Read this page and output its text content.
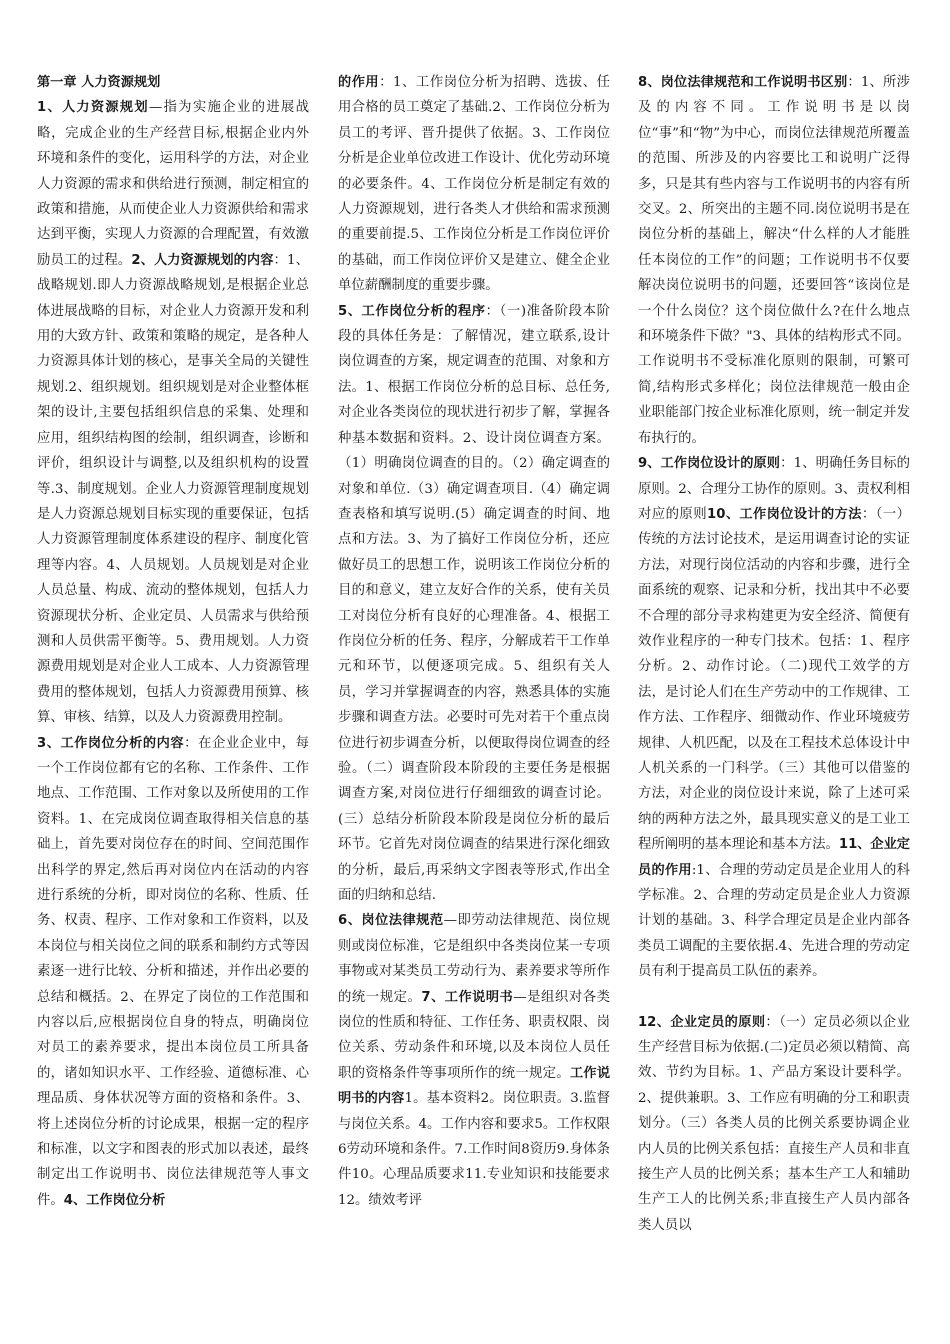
第一章 人力资源规划

1、人力资源规划—指为实施企业的进展战略，完成企业的生产经营目标,根据企业内外环境和条件的变化，运用科学的方法，对企业人力资源的需求和供给进行预测，制定相宜的政策和措施，从而使企业人力资源供给和需求达到平衡，实现人力资源的合理配置，有效激励员工的过程。2、人力资源规划的内容：1、战略规划.即人力资源战略规划,是根据企业总体进展战略的目标，对企业人力资源开发和利用的大致方针、政策和策略的规定，是各种人力资源具体计划的核心，是事关全局的关键性规划.2、组织规划。组织规划是对企业整体框架的设计,主要包括组织信息的采集、处理和应用，组织结构图的绘制，组织调查，诊断和评价，组织设计与调整,以及组织机构的设置等.3、制度规划。企业人力资源管理制度规划是人力资源总规划目标实现的重要保证，包括人力资源管理制度体系建设的程序、制度化管理等内容。4、人员规划。人员规划是对企业人员总量、构成、流动的整体规划，包括人力资源现状分析、企业定员、人员需求与供给预测和人员供需平衡等。5、费用规划。人力资源费用规划是对企业人工成本、人力资源管理费用的整体规划，包括人力资源费用预算、核算、审核、结算，以及人力资源费用控制。

3、工作岗位分析的内容：在企业企业中，每一个工作岗位都有它的名称、工作条件、工作地点、工作范围、工作对象以及所使用的工作资料。1、在完成岗位调查取得相关信息的基础上，首先要对岗位存在的时间、空间范围作出科学的界定,然后再对岗位内在活动的内容进行系统的分析，即对岗位的名称、性质、任务、权责、程序、工作对象和工作资料，以及本岗位与相关岗位之间的联系和制约方式等因素逐一进行比较、分析和描述，并作出必要的总结和概括。2、在界定了岗位的工作范围和内容以后,应根据岗位自身的特点，明确岗位对员工的素养要求，提出本岗位员工所具备的，诸如知识水平、工作经验、道德标准、心理品质、身体状况等方面的资格和条件。3、将上述岗位分析的讨论成果，根据一定的程序和标准，以文字和图表的形式加以表述，最终制定出工作说明书、岗位法律规范等人事文件。4、工作岗位分析

的作用：1、工作岗位分析为招聘、选拔、任用合格的员工奠定了基础.2、工作岗位分析为员工的考评、晋升提供了依据。3、工作岗位分析是企业单位改进工作设计、优化劳动环境的必要条件。4、工作岗位分析是制定有效的人力资源规划，进行各类人才供给和需求预测的重要前提.5、工作岗位分析是工作岗位评价的基础，而工作岗位评价又是建立、健全企业单位薪酬制度的重要步骤。

5、工作岗位分析的程序：（一)准备阶段本阶段的具体任务是：了解情况，建立联系,设计岗位调查的方案，规定调查的范围、对象和方法。1、根据工作岗位分析的总目标、总任务,对企业各类岗位的现状进行初步了解，掌握各种基本数据和资料。2、设计岗位调查方案。（1）明确岗位调查的目的。（2）确定调查的对象和单位.（3）确定调查项目.（4）确定调查表格和填写说明.(5）确定调查的时间、地点和方法。3、为了搞好工作岗位分析，还应做好员工的思想工作，说明该工作岗位分析的目的和意义，建立友好合作的关系，使有关员工对岗位分析有良好的心理准备。4、根据工作岗位分析的任务、程序，分解成若干工作单元和环节，以便逐项完成。5、组织有关人员，学习并掌握调查的内容，熟悉具体的实施步骤和调查方法。必要时可先对若干个重点岗位进行初步调查分析，以便取得岗位调查的经验。（二）调查阶段本阶段的主要任务是根据调查方案,对岗位进行仔细细致的调查讨论。(三）总结分析阶段本阶段是岗位分析的最后环节。它首先对岗位调查的结果进行深化细致的分析，最后,再采纳文字图表等形式,作出全面的归纳和总结.

6、岗位法律规范—即劳动法律规范、岗位规则或岗位标准，它是组织中各类岗位某一专项事物或对某类员工劳动行为、素养要求等所作的统一规定。7、工作说明书—是组织对各类岗位的性质和特征、工作任务、职责权限、岗位关系、劳动条件和环境,以及本岗位人员任职的资格条件等事项所作的统一规定。工作说明书的内容1。基本资料2。岗位职责。3.监督与岗位关系。4。工作内容和要求5。工作权限6劳动环境和条件。7.工作时间8资历9.身体条件10。心理品质要求11.专业知识和技能要求12。绩效考评

8、岗位法律规范和工作说明书区别：1、所涉及的内容不同。工作说明书是以岗位“事”和“物”为中心，而岗位法律规范所覆盖的范围、所涉及的内容要比工和说明广泛得多，只是其有些内容与工作说明书的内容有所交叉。2、所突出的主题不同.岗位说明书是在岗位分析的基础上，解决“什么样的人才能胜任本岗位的工作”的问题；工作说明书不仅要解决岗位说明书的问题，还要回答“该岗位是一个什么岗位？这个岗位做什么?在什么地点和环境条件下做？"3、具体的结构形式不同。工作说明书不受标准化原则的限制，可繁可简,结构形式多样化；岗位法律规范一般由企业职能部门按企业标准化原则，统一制定并发布执行的。

9、工作岗位设计的原则：1、明确任务目标的原则。2、合理分工协作的原则。3、责权利相对应的原则10、工作岗位设计的方法：（一）传统的方法讨论技术，是运用调查讨论的实证方法，对现行岗位活动的内容和步骤，进行全面系统的观察、记录和分析，找出其中不必要不合理的部分寻求构建更为安全经济、简便有效作业程序的一种专门技术。包括：1、程序分析。2、动作讨论。（二)现代工效学的方法，是讨论人们在生产劳动中的工作规律、工作方法、工作程序、细微动作、作业环境疲劳规律、人机匹配，以及在工程技术总体设计中人机关系的一门科学。（三）其他可以借鉴的方法，对企业的岗位设计来说，除了上述可采纳的两种方法之外，最具现实意义的是工业工程所阐明的基本理论和基本方法。11、企业定员的作用:1、合理的劳动定员是企业用人的科学标准。2、合理的劳动定员是企业人力资源计划的基础。3、科学合理定员是企业内部各类员工调配的主要依据.4、先进合理的劳动定员有利于提高员工队伍的素养。

12、企业定员的原则：（一）定员必须以企业生产经营目标为依据.(二)定员必须以精简、高效、节约为目标。1、产品方案设计要科学。2、提供兼职。3、工作应有明确的分工和职责划分。（三）各类人员的比例关系要协调企业内人员的比例关系包括：直接生产人员和非直接生产人员的比例关系；基本生产工人和辅助生产工人的比例关系;非直接生产人员内部各类人员以
